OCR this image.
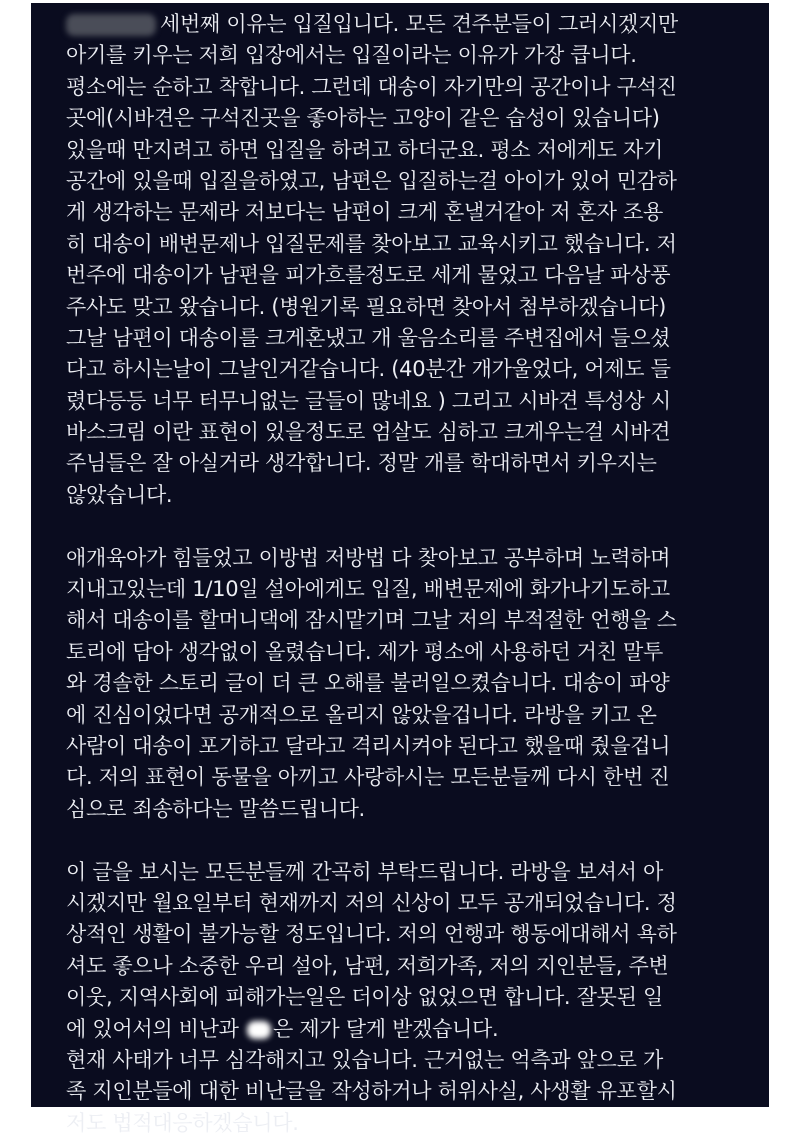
세번째 이유는 입질입니다. 모든 견주분들이 그러시겠지만
아기를 키우는 저희 입장에서는 입질이라는 이유가 가장 큽니다.
평소에는 순하고 착합니다. 그런데 대송이 자기만의 공간이나 구석진
곳에(시바견은 구석진곳을 좋아하는 고양이 같은 습성이 있습니다)
있을때 만지려고 하면 입질을 하려고 하더군요. 평소 저에게도 자기
공간에 있을때 입질을하였고, 남편은 입질하는걸 아이가 있어 민감하
게 생각하는 문제라 저보다는 남편이 크게 혼낼거같아 저 혼자 조용
히 대송이 배변문제나 입질문제를 찾아보고 교육시키고 했습니다. 저
번주에 대송이가 남편을 피가흐를정도로 세게 물었고 다음날 파상풍
주사도 맞고 왔습니다. (병원기록 필요하면 찾아서 첨부하겠습니다)
그날 남편이 대송이를 크게혼냈고 개 울음소리를 주변집에서 들으셨
다고 하시는날이 그날인거같습니다. (40분간 개가울었다, 어제도 들
렸다등등 너무 터무니없는 글들이 많네요 ) 그리고 시바견 특성상 시
바스크림 이란 표현이 있을정도로 엄살도 심하고 크게우는걸 시바견
주님들은 잘 아실거라 생각합니다. 정말 개를 학대하면서 키우지는
않았습니다.
애개육아가 힘들었고 이방법 저방법 다 찾아보고 공부하며 노력하며
지내고있는데 1/10일 설아에게도 입질, 배변문제에 화가나기도하고
해서 대송이를 할머니댁에 잠시맡기며 그날 저의 부적절한 언행을 스
토리에 담아 생각없이 올렸습니다. 제가 평소에 사용하던 거친 말투
와 경솔한 스토리 글이 더 큰 오해를 불러일으켰습니다. 대송이 파양
에 진심이었다면 공개적으로 올리지 않았을겁니다. 라방을 키고 온
사람이 대송이 포기하고 달라고 격리시켜야 된다고 했을때 줬을겁니
다. 저의 표현이 동물을 아끼고 사랑하시는 모든분들께 다시 한번 진
심으로 죄송하다는 말씀드립니다.
이 글을 보시는 모든분들께 간곡히 부탁드립니다. 라방을 보셔서 아
시겠지만 월요일부터 현재까지 저의 신상이 모두 공개되었습니다. 정
상적인 생활이 불가능할 정도입니다. 저의 언행과 행동에대해서 욕하
셔도 좋으나 소중한 우리 설아, 남편, 저희가족, 저의 지인분들, 주변
이웃, 지역사회에 피해가는일은 더이상 없었으면 합니다. 잘못된 일
에 있어서의 비난과 은 제가 달게 받겠습니다.
현재 사태가 너무 심각해지고 있습니다. 근거없는 억측과 앞으로 가
족 지인분들에 대한 비난글을 작성하거나 허위사실, 사생활 유포할시
저도 법적대응하겠습니다.
